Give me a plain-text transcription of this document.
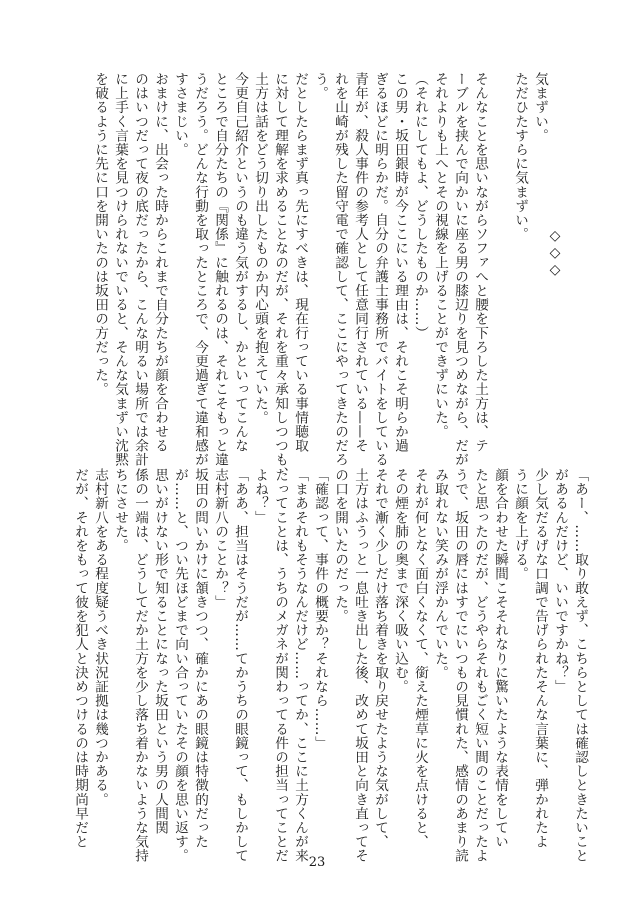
気まずい。

ただひたすらに気まずい。

そんなことを思いながらソファへと腰を下ろした土方は、テ

ーブルを挟んで向かいに座る男の膝辺りを見つめながら、だが

それよりも上へとその視線を上げることができずにいた。

（それにしてもよ、どうしたものか……）

この男・坂田銀時が今ここにいる理由は、それこそ明らか過

ぎるほどに明らかだ。自分の弁護士事務所でバイトをしている

青年が、殺人事件の参考人として任意同行されている——そ

れを山崎が残した留守電で確認して、ここにやってきたのだろ

う。

だとしたらまず真っ先にすべきは、現在行っている事情聴取

に対して理解を求めることなのだが、それを重々承知しつつも、

土方は話をどう切り出したものか内心頭を抱えていた。

今更自己紹介というのも違う気がするし、かといってこんな

ところで自分たちの『関係』に触れるのは、それこそもっと違

うだろう。どんな行動を取ったところで、今更過ぎて違和感が

すさまじい。

おまけに、出会った時からこれまで自分たちが顔を合わせる

のはいつだって夜の底だったから、こんな明るい場所では余計

に上手く言葉を見つけられないでいると、そんな気まずい沈黙

を破るように先に口を開いたのは坂田の方だった。	◇◇◇

「あー、……取り敢えず、こちらとしては確認しときたいこと

があるんだけど、いいですかね？」

少し気だるげな口調で告げられたそんな言葉に、弾かれたよ

うに顔を上げる。

顔を合わせた瞬間こそそれなりに驚いたような表情をしてい

たと思ったのだが、どうやらそれもごく短い間のことだったよ

うで、坂田の唇にはすでにいつもの見慣れた、感情のあまり読

み取れない笑みが浮かんでいた。

それが何となく面白くなくて、銜えた煙草に火を点けると、

その煙を肺の奥まで深く吸い込む。

それで漸く少しだけ落ち着きを取り戻せたような気がして、

土方はふうっと一息吐き出した後、改めて坂田と向き直ってそ

の口を開いたのだった。

「確認って、事件の概要か？それなら……」

「まあそれもそうなんだけど……ってか、ここに土方くんが来

たってことは、うちのメガネが関わってる件の担当ってことだ

よね？」

「ああ、担当はそうだが……てかうちの眼鏡って、もしかして

志村新八のことか？」

坂田の問いかけに頷きつつ、確かにあの眼鏡は特徴的だった

が……と、つい先ほどまで向い合っていたその顔を思い返す。

思いがけない形で知ることになった坂田という男の人間関

係の一端は、どうしてだか土方を少し落ち着かないような気持

ちにさせた。

志村新八をある程度疑うべき状況証拠は幾つかある。

だが、それをもって彼を犯人と決めつけるのは時期尚早だと

23
